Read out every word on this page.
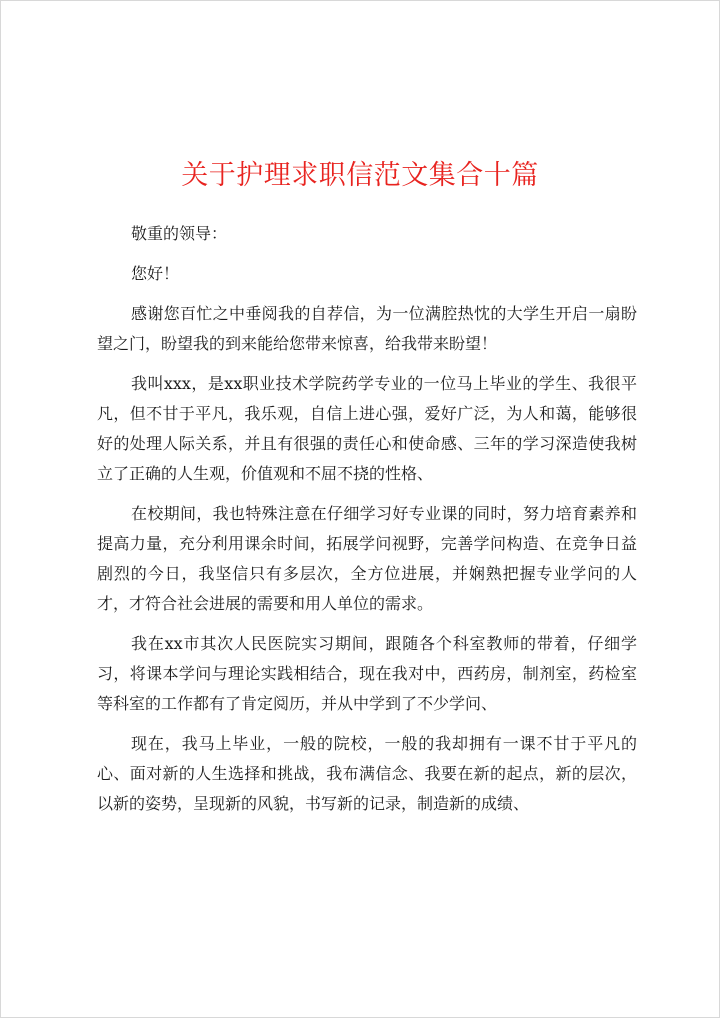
关于护理求职信范文集合十篇

敬重的领导：

您好！

感谢您百忙之中垂阅我的自荐信，为一位满腔热忱的大学生开启一扇盼望之门，盼望我的到来能给您带来惊喜，给我带来盼望！

我叫xxx，是xx职业技术学院药学专业的一位马上毕业的学生、我很平凡，但不甘于平凡，我乐观，自信上进心强，爱好广泛，为人和蔼，能够很好的处理人际关系，并且有很强的责任心和使命感、三年的学习深造使我树立了正确的人生观，价值观和不屈不挠的性格、

在校期间，我也特殊注意在仔细学习好专业课的同时，努力培育素养和提高力量，充分利用课余时间，拓展学问视野，完善学问构造、在竞争日益剧烈的今日，我坚信只有多层次，全方位进展，并娴熟把握专业学问的人才，才符合社会进展的需要和用人单位的需求。

我在xx市其次人民医院实习期间，跟随各个科室教师的带着，仔细学习，将课本学问与理论实践相结合，现在我对中，西药房，制剂室，药检室等科室的工作都有了肯定阅历，并从中学到了不少学问、

现在，我马上毕业，一般的院校，一般的我却拥有一课不甘于平凡的心、面对新的人生选择和挑战，我布满信念、我要在新的起点，新的层次，以新的姿势，呈现新的风貌，书写新的记录，制造新的成绩、
